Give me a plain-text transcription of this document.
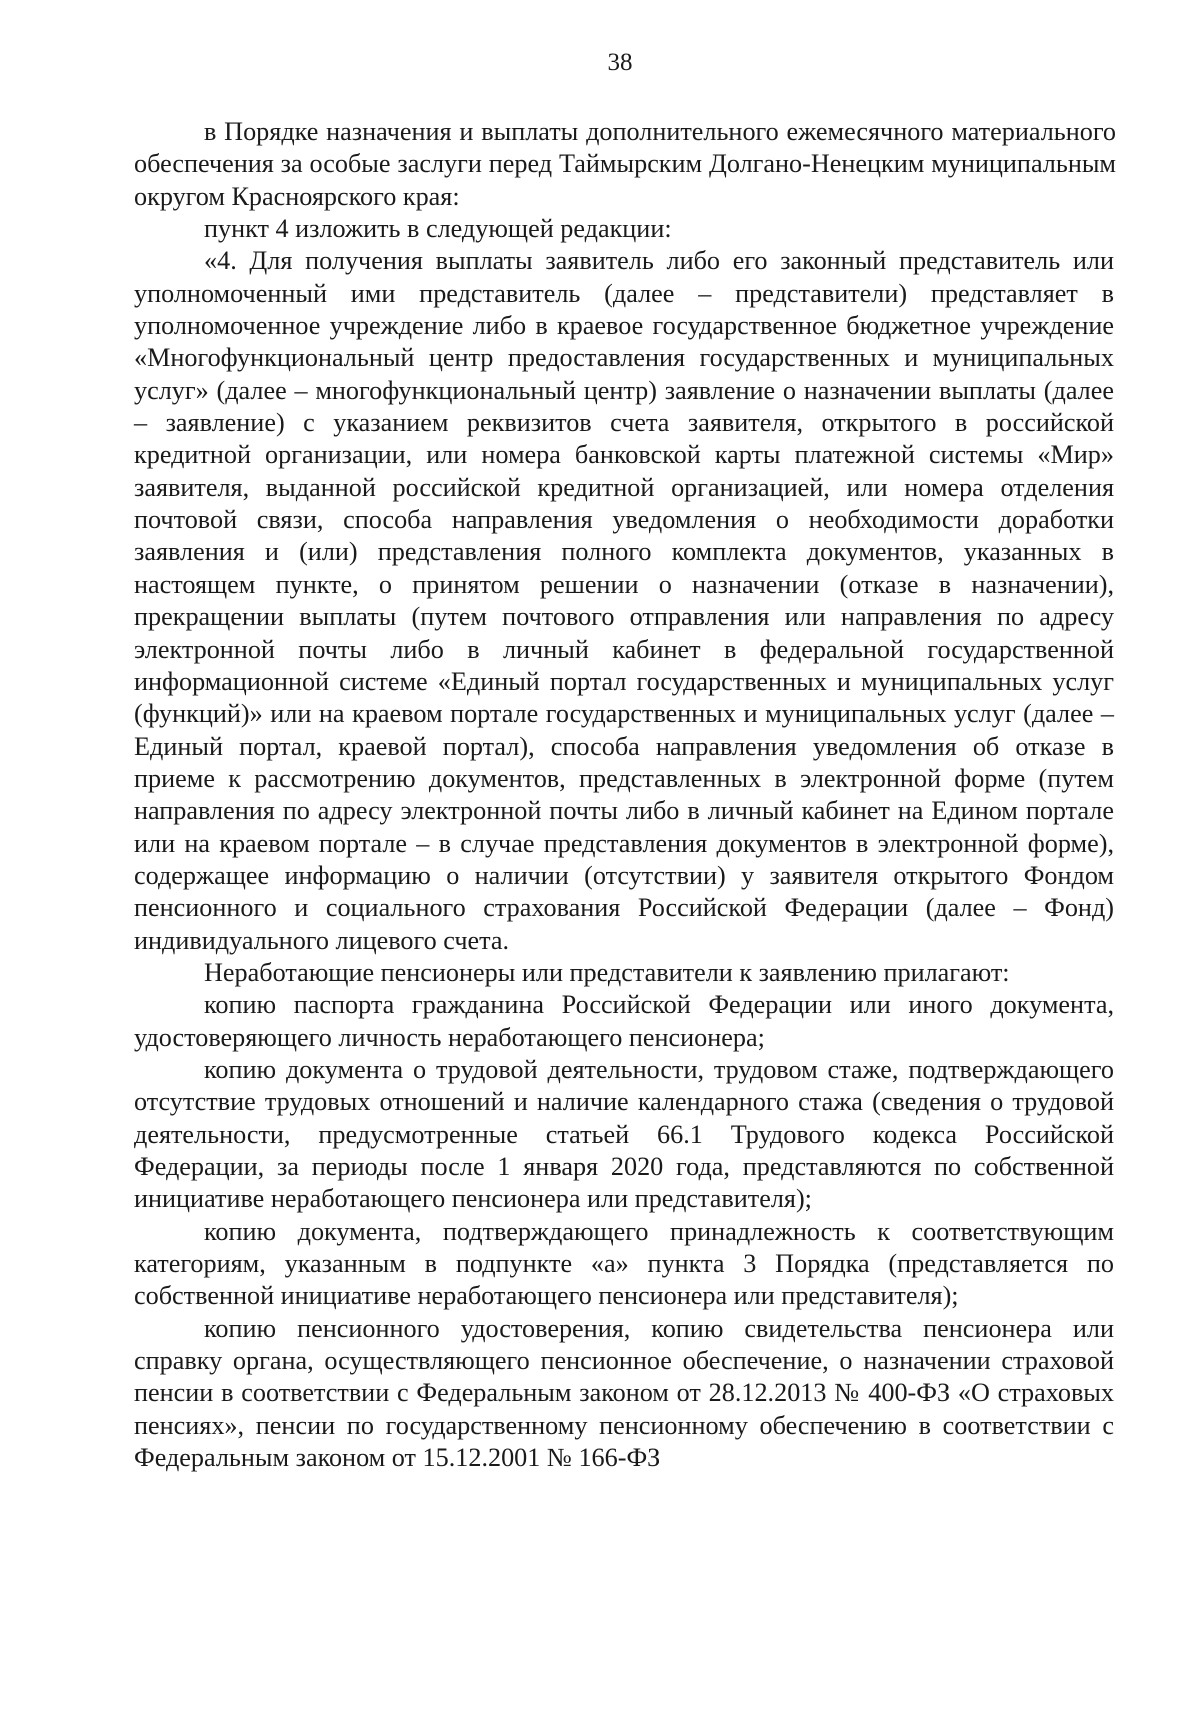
38

в Порядке назначения и выплаты дополнительного ежемесячного материального обеспечения за особые заслуги перед Таймырским Долгано-Ненецким муниципальным округом Красноярского края:

пункт 4 изложить в следующей редакции:

«4. Для получения выплаты заявитель либо его законный представитель или уполномоченный ими представитель (далее – представители) представляет в уполномоченное учреждение либо в краевое государственное бюджетное учреждение «Многофункциональный центр предоставления государственных и муниципальных услуг» (далее – многофункциональный центр) заявление о назначении выплаты (далее – заявление) с указанием реквизитов счета заявителя, открытого в российской кредитной организации, или номера банковской карты платежной системы «Мир» заявителя, выданной российской кредитной организацией, или номера отделения почтовой связи, способа направления уведомления о необходимости доработки заявления и (или) представления полного комплекта документов, указанных в настоящем пункте, о принятом решении о назначении (отказе в назначении), прекращении выплаты (путем почтового отправления или направления по адресу электронной почты либо в личный кабинет в федеральной государственной информационной системе «Единый портал государственных и муниципальных услуг (функций)» или на краевом портале государственных и муниципальных услуг (далее – Единый портал, краевой портал), способа направления уведомления об отказе в приеме к рассмотрению документов, представленных в электронной форме (путем направления по адресу электронной почты либо в личный кабинет на Едином портале или на краевом портале – в случае представления документов в электронной форме), содержащее информацию о наличии (отсутствии) у заявителя открытого Фондом пенсионного и социального страхования Российской Федерации (далее – Фонд) индивидуального лицевого счета.

Неработающие пенсионеры или представители к заявлению прилагают:

копию паспорта гражданина Российской Федерации или иного документа, удостоверяющего личность неработающего пенсионера;

копию документа о трудовой деятельности, трудовом стаже, подтверждающего отсутствие трудовых отношений и наличие календарного стажа (сведения о трудовой деятельности, предусмотренные статьей 66.1 Трудового кодекса Российской Федерации, за периоды после 1 января 2020 года, представляются по собственной инициативе неработающего пенсионера или представителя);

копию документа, подтверждающего принадлежность к соответствующим категориям, указанным в подпункте «а» пункта 3 Порядка (представляется по собственной инициативе неработающего пенсионера или представителя);

копию пенсионного удостоверения, копию свидетельства пенсионера или справку органа, осуществляющего пенсионное обеспечение, о назначении страховой пенсии в соответствии с Федеральным законом от 28.12.2013 № 400-ФЗ «О страховых пенсиях», пенсии по государственному пенсионному обеспечению в соответствии с Федеральным законом от 15.12.2001 № 166-ФЗ
